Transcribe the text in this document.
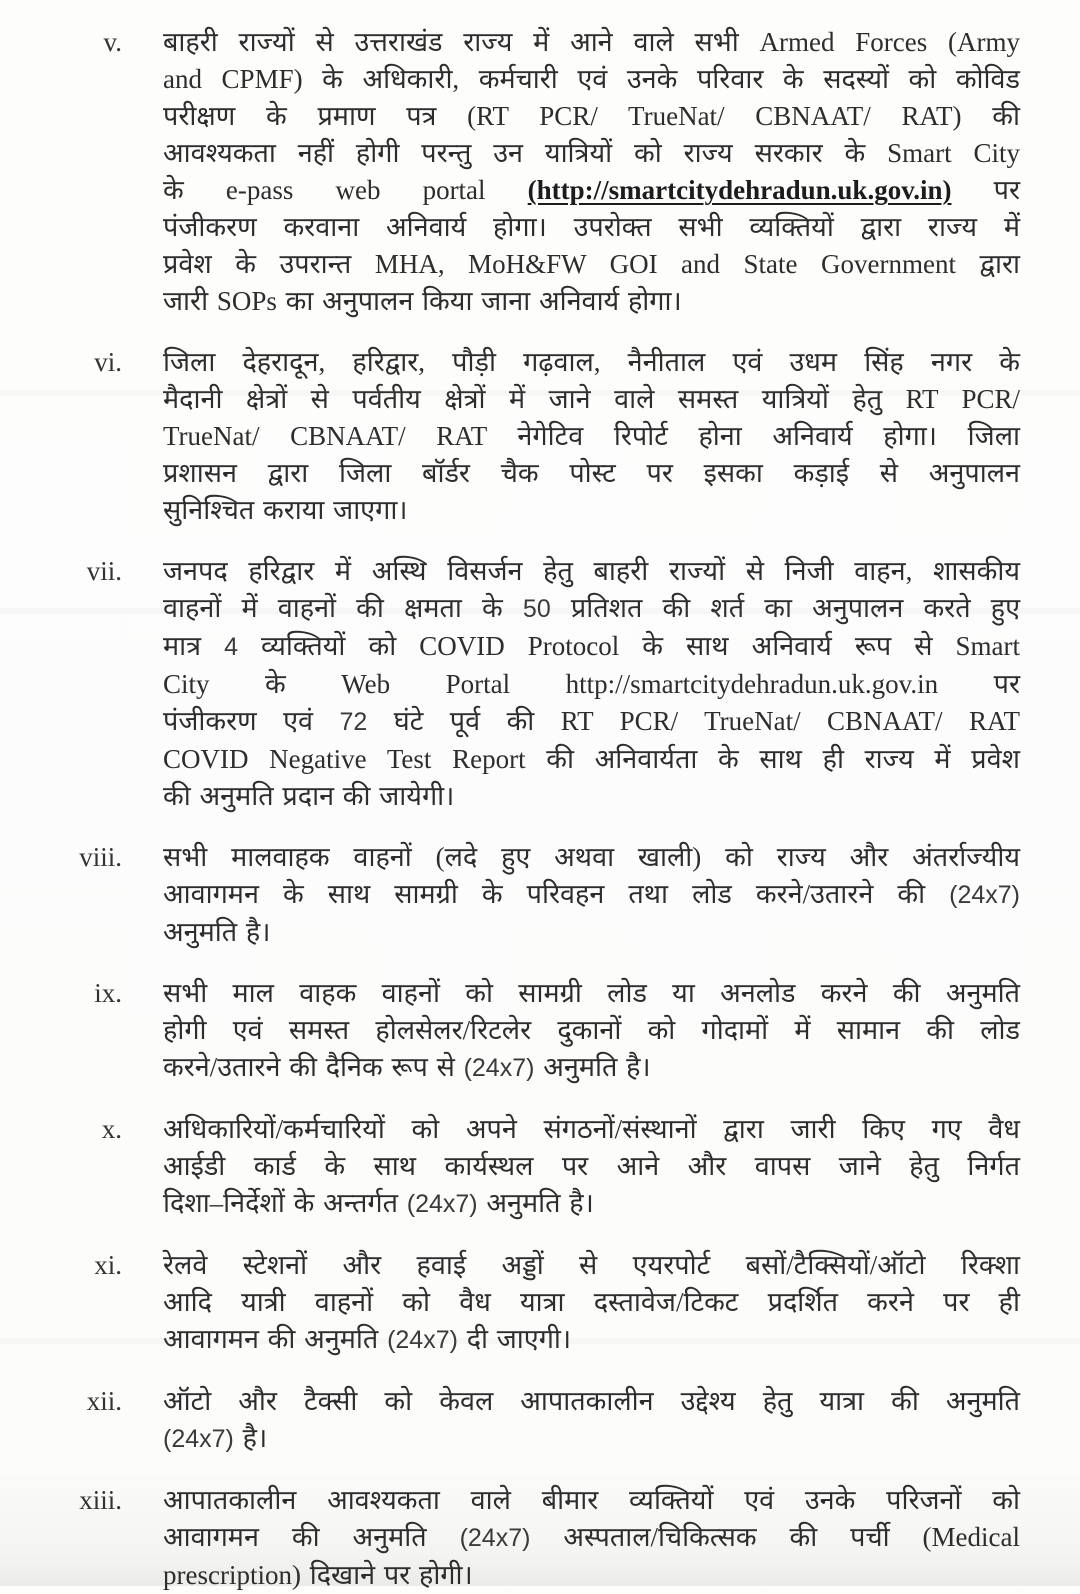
v. बाहरी राज्यों से उत्तराखंड राज्य में आने वाले सभी Armed Forces (Army
and CPMF) के अधिकारी, कर्मचारी एवं उनके परिवार के सदस्यों को कोविड
परीक्षण के प्रमाण पत्र (RT PCR/ TrueNat/ CBNAAT/ RAT) की
आवश्यकता नहीं होगी परन्तु उन यात्रियों को राज्य सरकार के Smart City
के e-pass web portal (http://smartcitydehradun.uk.gov.in) पर
पंजीकरण करवाना अनिवार्य होगा। उपरोक्त सभी व्यक्तियों द्वारा राज्य में
प्रवेश के उपरान्त MHA, MoH&FW GOI and State Government द्वारा
जारी SOPs का अनुपालन किया जाना अनिवार्य होगा।
vi. जिला देहरादून, हरिद्वार, पौड़ी गढ़वाल, नैनीताल एवं उधम सिंह नगर के
मैदानी क्षेत्रों से पर्वतीय क्षेत्रों में जाने वाले समस्त यात्रियों हेतु RT PCR/
TrueNat/ CBNAAT/ RAT नेगेटिव रिपोर्ट होना अनिवार्य होगा। जिला
प्रशासन द्वारा जिला बॉर्डर चैक पोस्ट पर इसका कड़ाई से अनुपालन
सुनिश्चित कराया जाएगा।
vii. जनपद हरिद्वार में अस्थि विसर्जन हेतु बाहरी राज्यों से निजी वाहन, शासकीय
वाहनों में वाहनों की क्षमता के 50 प्रतिशत की शर्त का अनुपालन करते हुए
मात्र 4 व्यक्तियों को COVID Protocol के साथ अनिवार्य रूप से Smart
City के Web Portal http://smartcitydehradun.uk.gov.in पर
पंजीकरण एवं 72 घंटे पूर्व की RT PCR/ TrueNat/ CBNAAT/ RAT
COVID Negative Test Report की अनिवार्यता के साथ ही राज्य में प्रवेश
की अनुमति प्रदान की जायेगी।
viii. सभी मालवाहक वाहनों (लदे हुए अथवा खाली) को राज्य और अंतर्राज्यीय
आवागमन के साथ सामग्री के परिवहन तथा लोड करने/उतारने की (24x7)
अनुमति है।
ix. सभी माल वाहक वाहनों को सामग्री लोड या अनलोड करने की अनुमति
होगी एवं समस्त होलसेलर/रिटलेर दुकानों को गोदामों में सामान की लोड
करने/उतारने की दैनिक रूप से (24x7) अनुमति है।
x. अधिकारियों/कर्मचारियों को अपने संगठनों/संस्थानों द्वारा जारी किए गए वैध
आईडी कार्ड के साथ कार्यस्थल पर आने और वापस जाने हेतु निर्गत
दिशा–निर्देशों के अन्तर्गत (24x7) अनुमति है।
xi. रेलवे स्टेशनों और हवाई अड्डों से एयरपोर्ट बसों/टैक्सियों/ऑटो रिक्शा
आदि यात्री वाहनों को वैध यात्रा दस्तावेज/टिकट प्रदर्शित करने पर ही
आवागमन की अनुमति (24x7) दी जाएगी।
xii. ऑटो और टैक्सी को केवल आपातकालीन उद्देश्य हेतु यात्रा की अनुमति
(24x7) है।
xiii. आपातकालीन आवश्यकता वाले बीमार व्यक्तियों एवं उनके परिजनों को
आवागमन की अनुमति (24x7) अस्पताल/चिकित्सक की पर्ची (Medical
prescription) दिखाने पर होगी।
